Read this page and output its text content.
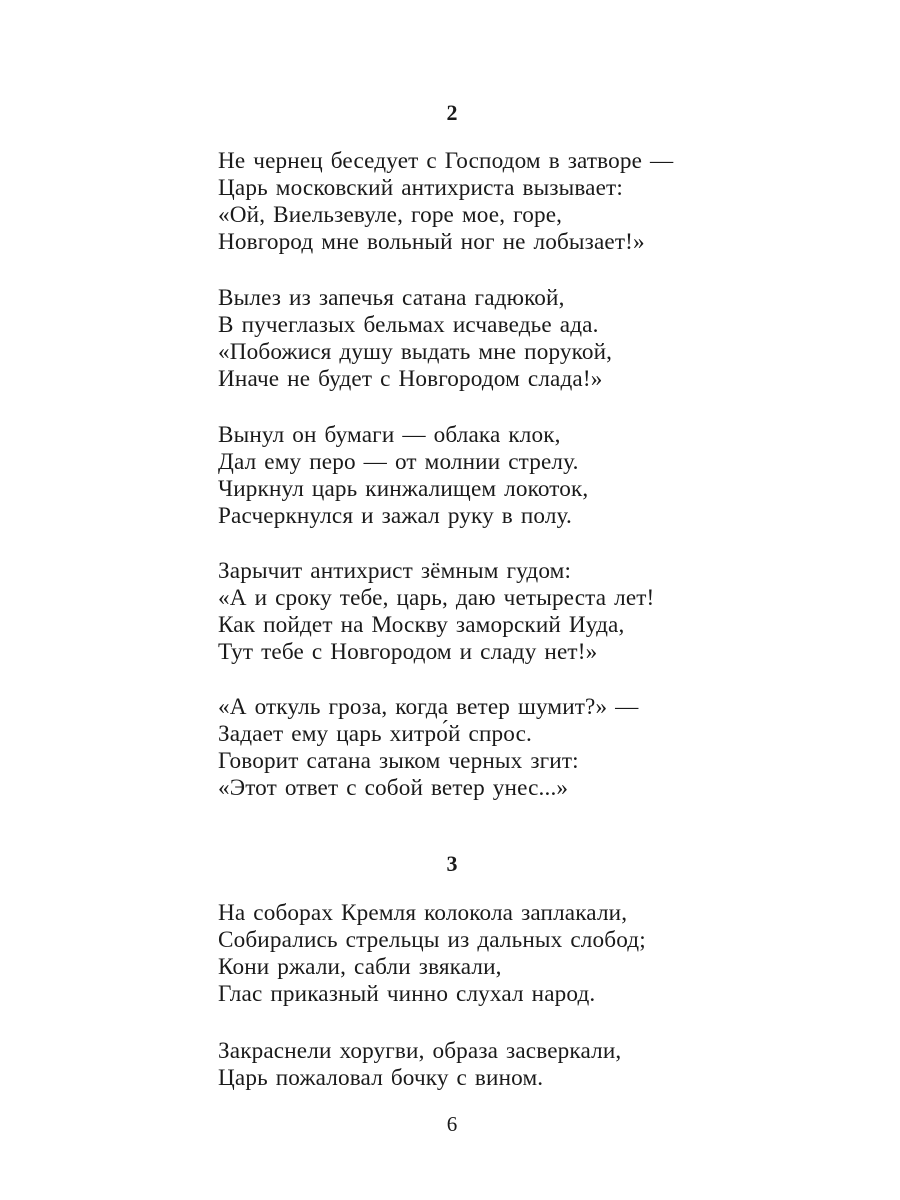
2
Не чернец беседует с Господом в затворе —
Царь московский антихриста вызывает:
«Ой, Виельзевуле, горе мое, горе,
Новгород мне вольный ног не лобызает!»
Вылез из запечья сатана гадюкой,
В пучеглазых бельмах исчаведье ада.
«Побожися душу выдать мне порукой,
Иначе не будет с Новгородом слада!»
Вынул он бумаги — облака клок,
Дал ему перо — от молнии стрелу.
Чиркнул царь кинжалищем локоток,
Расчеркнулся и зажал руку в полу.
Зарычит антихрист зёмным гудом:
«А и сроку тебе, царь, даю четыреста лет!
Как пойдет на Москву заморский Иуда,
Тут тебе с Новгородом и сладу нет!»
«А откуль гроза, когда ветер шумит?» —
Задает ему царь хитро́й спрос.
Говорит сатана зыком черных згит:
«Этот ответ с собой ветер унес...»
3
На соборах Кремля колокола заплакали,
Собирались стрельцы из дальных слобод;
Кони ржали, сабли звякали,
Глас приказный чинно слухал народ.
Закраснели хоругви, образа засверкали,
Царь пожаловал бочку с вином.
6
